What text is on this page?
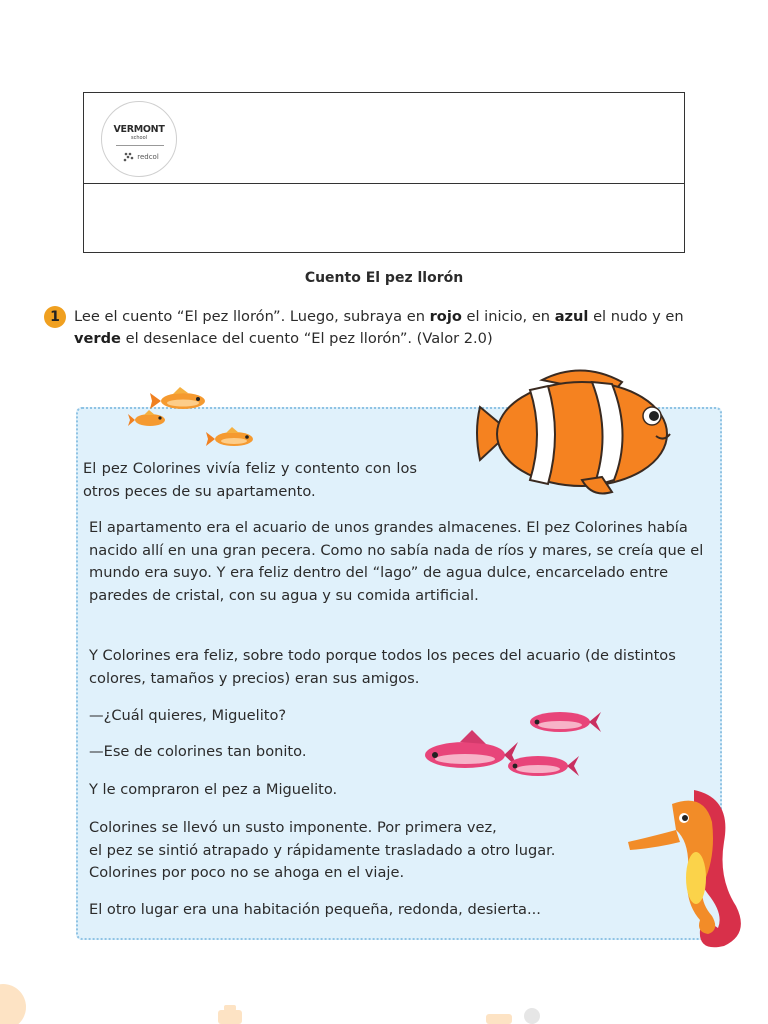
VERMONT
school
redcol
Cuento El pez llorón
1 Lee el cuento “El pez llorón”. Luego, subraya en rojo el inicio, en azul el nudo y en verde el desenlace del cuento “El pez llorón”. (Valor 2.0)

El pez Colorines vivía feliz y contento con los otros peces de su apartamento.

El apartamento era el acuario de unos grandes almacenes. El pez Colorines había nacido allí en una gran pecera. Como no sabía nada de ríos y mares, se creía que el mundo era suyo. Y era feliz dentro del “lago” de agua dulce, encarcelado entre paredes de cristal, con su agua y su comida artificial.

Y Colorines era feliz, sobre todo porque todos los peces del acuario (de distintos colores, tamaños y precios) eran sus amigos.

—¿Cuál quieres, Miguelito?

—Ese de colorines tan bonito.

Y le compraron el pez a Miguelito.

Colorines se llevó un susto imponente. Por primera vez,
el pez se sintió atrapado y rápidamente trasladado a otro lugar.
Colorines por poco no se ahoga en el viaje.

El otro lugar era una habitación pequeña, redonda, desierta...
